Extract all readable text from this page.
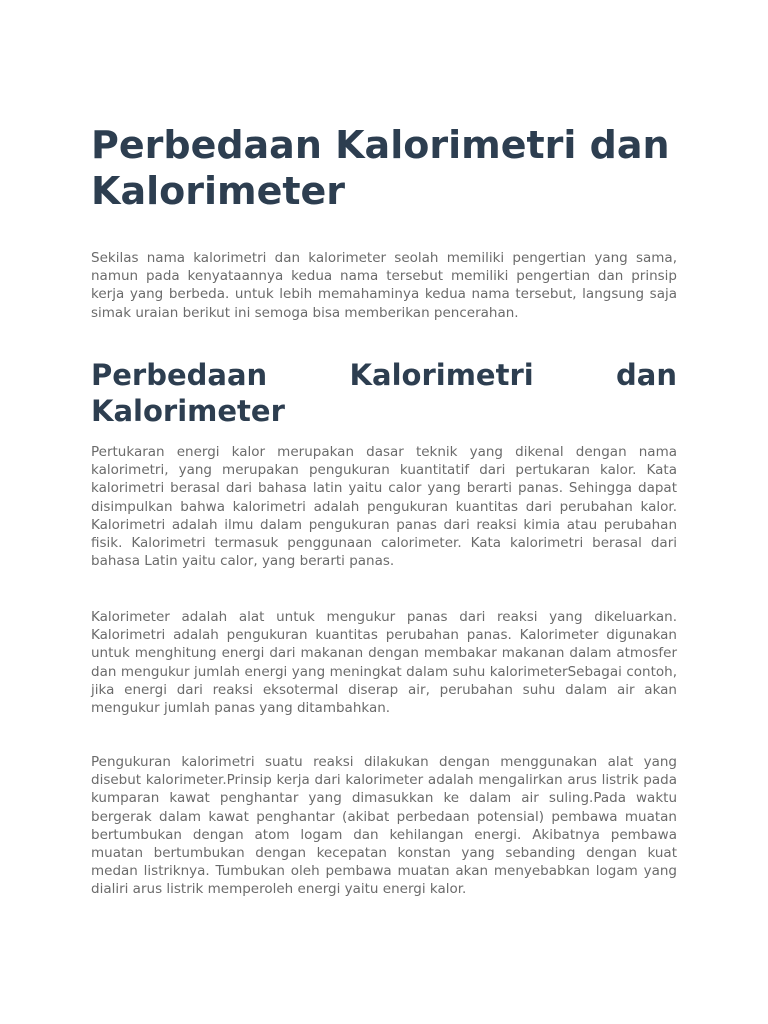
Perbedaan Kalorimetri dan Kalorimeter

Sekilas nama kalorimetri dan kalorimeter seolah memiliki pengertian yang sama, namun pada kenyataannya kedua nama tersebut memiliki pengertian dan prinsip kerja yang berbeda. untuk lebih memahaminya kedua nama tersebut, langsung saja simak uraian berikut ini semoga bisa memberikan pencerahan.

Perbedaan Kalorimetri dan
Kalorimeter

Pertukaran energi kalor merupakan dasar teknik yang dikenal dengan nama kalorimetri, yang merupakan pengukuran kuantitatif dari pertukaran kalor. Kata kalorimetri berasal dari bahasa latin yaitu calor yang berarti panas. Sehingga dapat disimpulkan bahwa kalorimetri adalah pengukuran kuantitas dari perubahan kalor. Kalorimetri adalah ilmu dalam pengukuran panas dari reaksi kimia atau perubahan fisik. Kalorimetri termasuk penggunaan calorimeter. Kata kalorimetri berasal dari bahasa Latin yaitu calor, yang berarti panas.

Kalorimeter adalah alat untuk mengukur panas dari reaksi yang dikeluarkan. Kalorimetri adalah pengukuran kuantitas perubahan panas. Kalorimeter digunakan untuk menghitung energi dari makanan dengan membakar makanan dalam atmosfer dan mengukur jumlah energi yang meningkat dalam suhu kalorimeterSebagai contoh, jika energi dari reaksi eksotermal diserap air, perubahan suhu dalam air akan mengukur jumlah panas yang ditambahkan.

Pengukuran kalorimetri suatu reaksi dilakukan dengan menggunakan alat yang disebut kalorimeter.Prinsip kerja dari kalorimeter adalah mengalirkan arus listrik pada kumparan kawat penghantar yang dimasukkan ke dalam air suling.Pada waktu bergerak dalam kawat penghantar (akibat perbedaan potensial) pembawa muatan bertumbukan dengan atom logam dan kehilangan energi. Akibatnya pembawa muatan bertumbukan dengan kecepatan konstan yang sebanding dengan kuat medan listriknya. Tumbukan oleh pembawa muatan akan menyebabkan logam yang dialiri arus listrik memperoleh energi yaitu energi kalor.
